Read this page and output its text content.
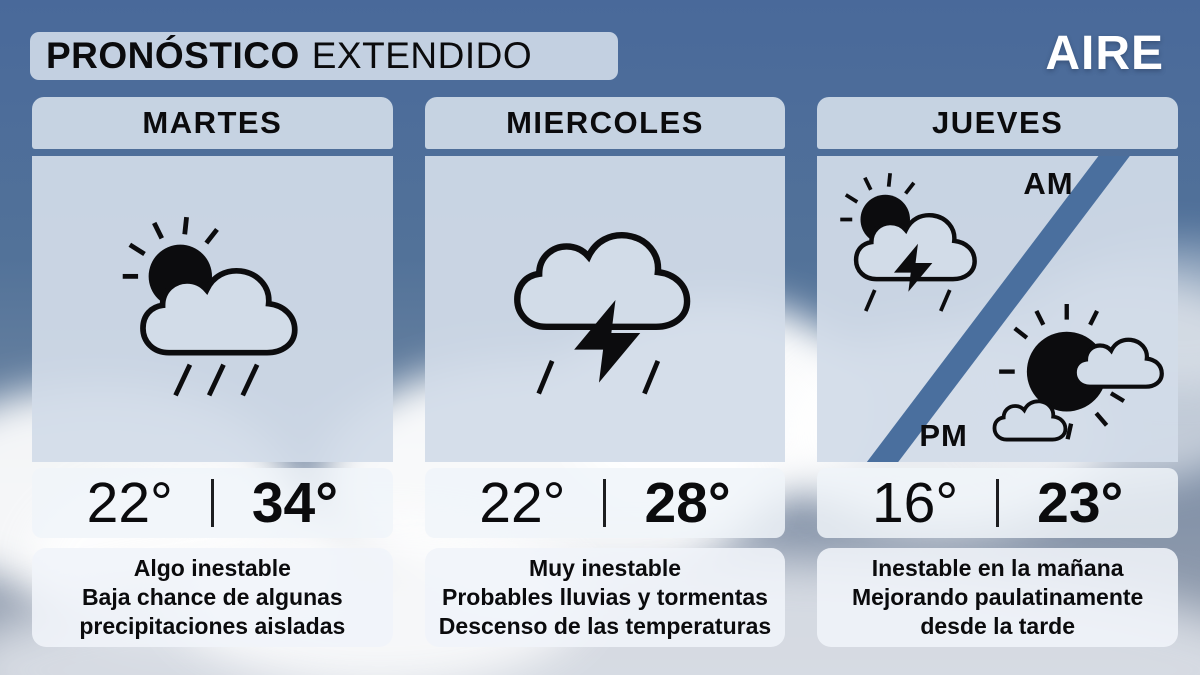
PRONÓSTICO EXTENDIDO	AIRE
MARTES
22° 34°
Algo inestable
Baja chance de algunas
precipitaciones aisladas
MIERCOLES
22° 28°
Muy inestable
Probables lluvias y tormentas
Descenso de las temperaturas
JUEVES
AM
PM
16° 23°
Inestable en la mañana
Mejorando paulatinamente
desde la tarde
